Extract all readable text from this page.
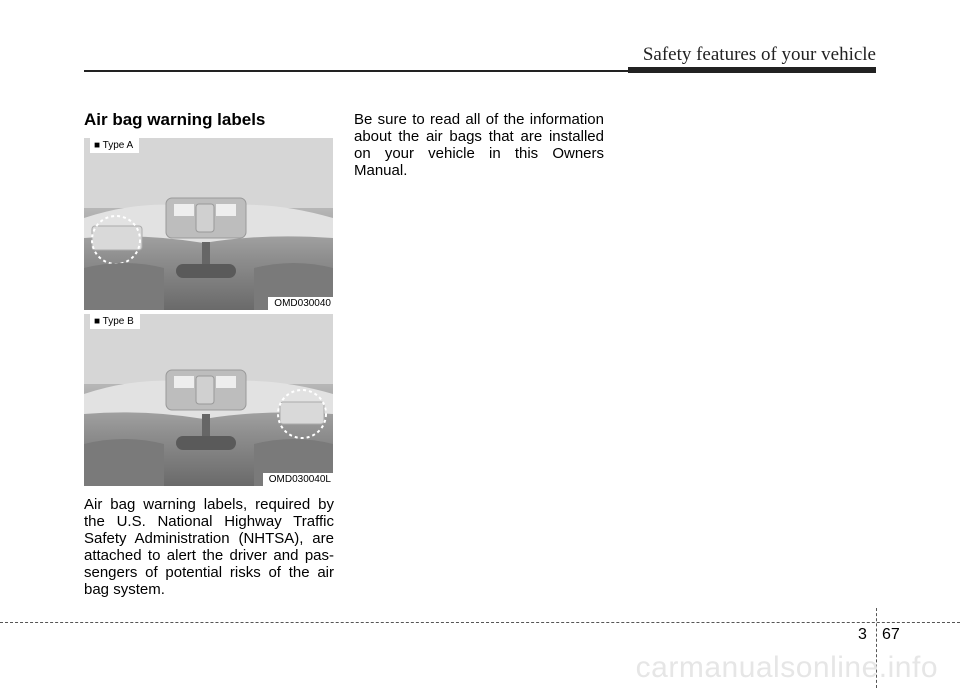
Safety features of your vehicle
Air bag warning labels
■ Type A
OMD030040
■ Type B
OMD030040L

Air bag warning labels, required by the U.S. National Highway Traffic Safety Administration (NHTSA), are attached to alert the driver and pas- sengers of potential risks of the air bag system.

Be sure to read all of the information about the air bags that are installed on your vehicle in this Owners Manual.

3 67
carmanualsonline.info
